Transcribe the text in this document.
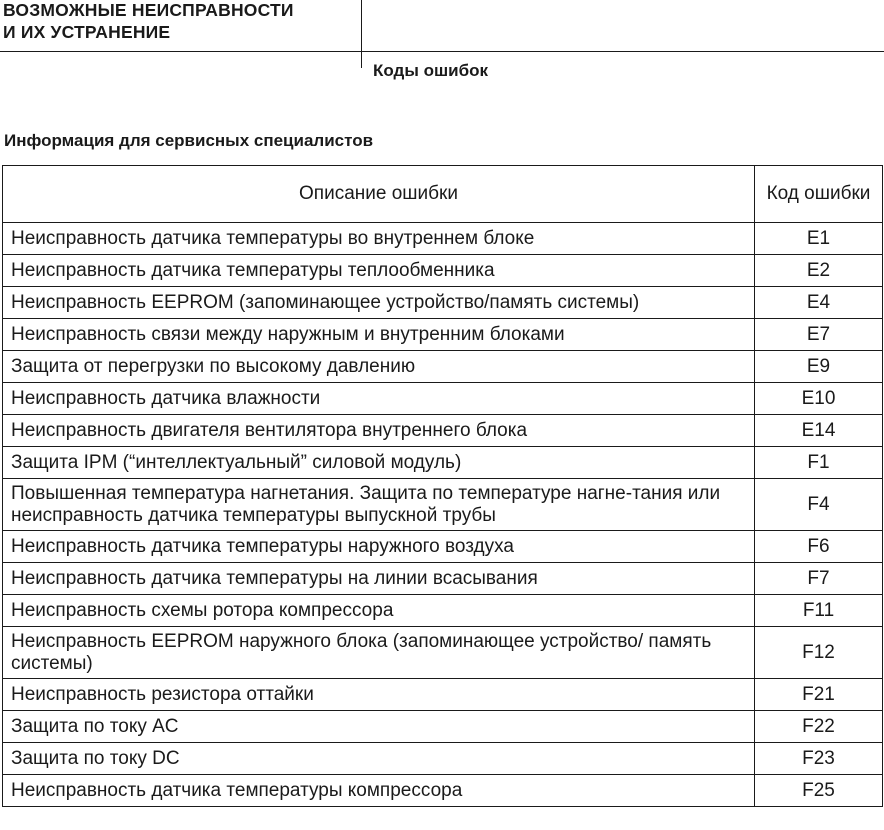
ВОЗМОЖНЫЕ НЕИСПРАВНОСТИ
И ИХ УСТРАНЕНИЕ
Коды ошибок
Информация для сервисных специалистов
Описание ошибки	Код ошибки
Неисправность датчика температуры во внутреннем блоке	E1
Неисправность датчика температуры теплообменника	E2
Неисправность EEPROM (запоминающее устройство/память системы)	E4
Неисправность связи между наружным и внутренним блоками	E7
Защита от перегрузки по высокому давлению	E9
Неисправность датчика влажности	E10
Неисправность двигателя вентилятора внутреннего блока	E14
Защита IPM (“интеллектуальный” силовой модуль)	F1
Повышенная температура нагнетания. Защита по температуре нагне-тания или неисправность датчика температуры выпускной трубы	F4
Неисправность датчика температуры наружного воздуха	F6
Неисправность датчика температуры на линии всасывания	F7
Неисправность схемы ротора компрессора	F11
Неисправность EEPROM наружного блока (запоминающее устройство/ память системы)	F12
Неисправность резистора оттайки	F21
Защита по току AC	F22
Защита по току DC	F23
Неисправность датчика температуры компрессора	F25
